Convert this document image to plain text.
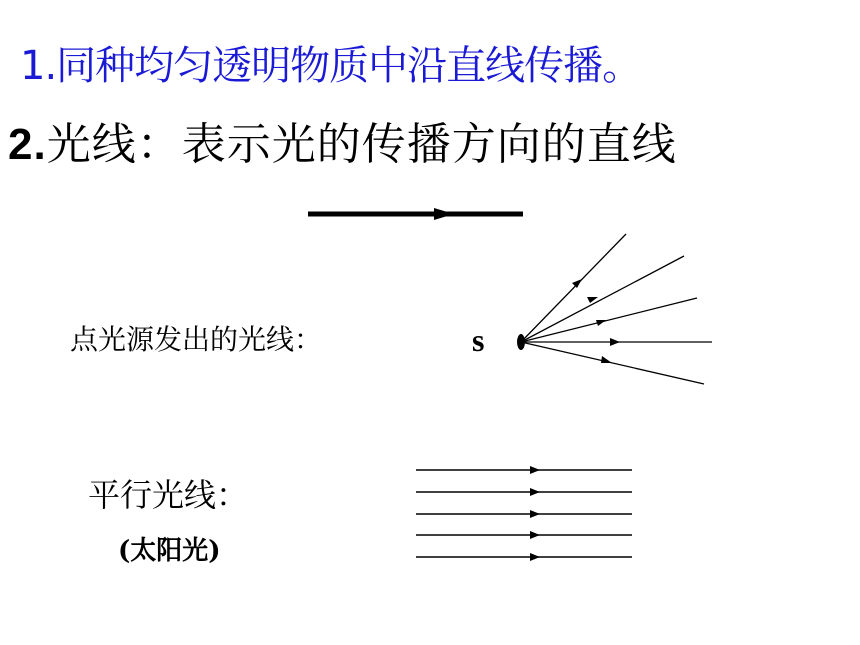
1.同种均匀透明物质中沿直线传播。
2.光线：表示光的传播方向的直线
点光源发出的光线：	s
平行光线：
(太阳光)
